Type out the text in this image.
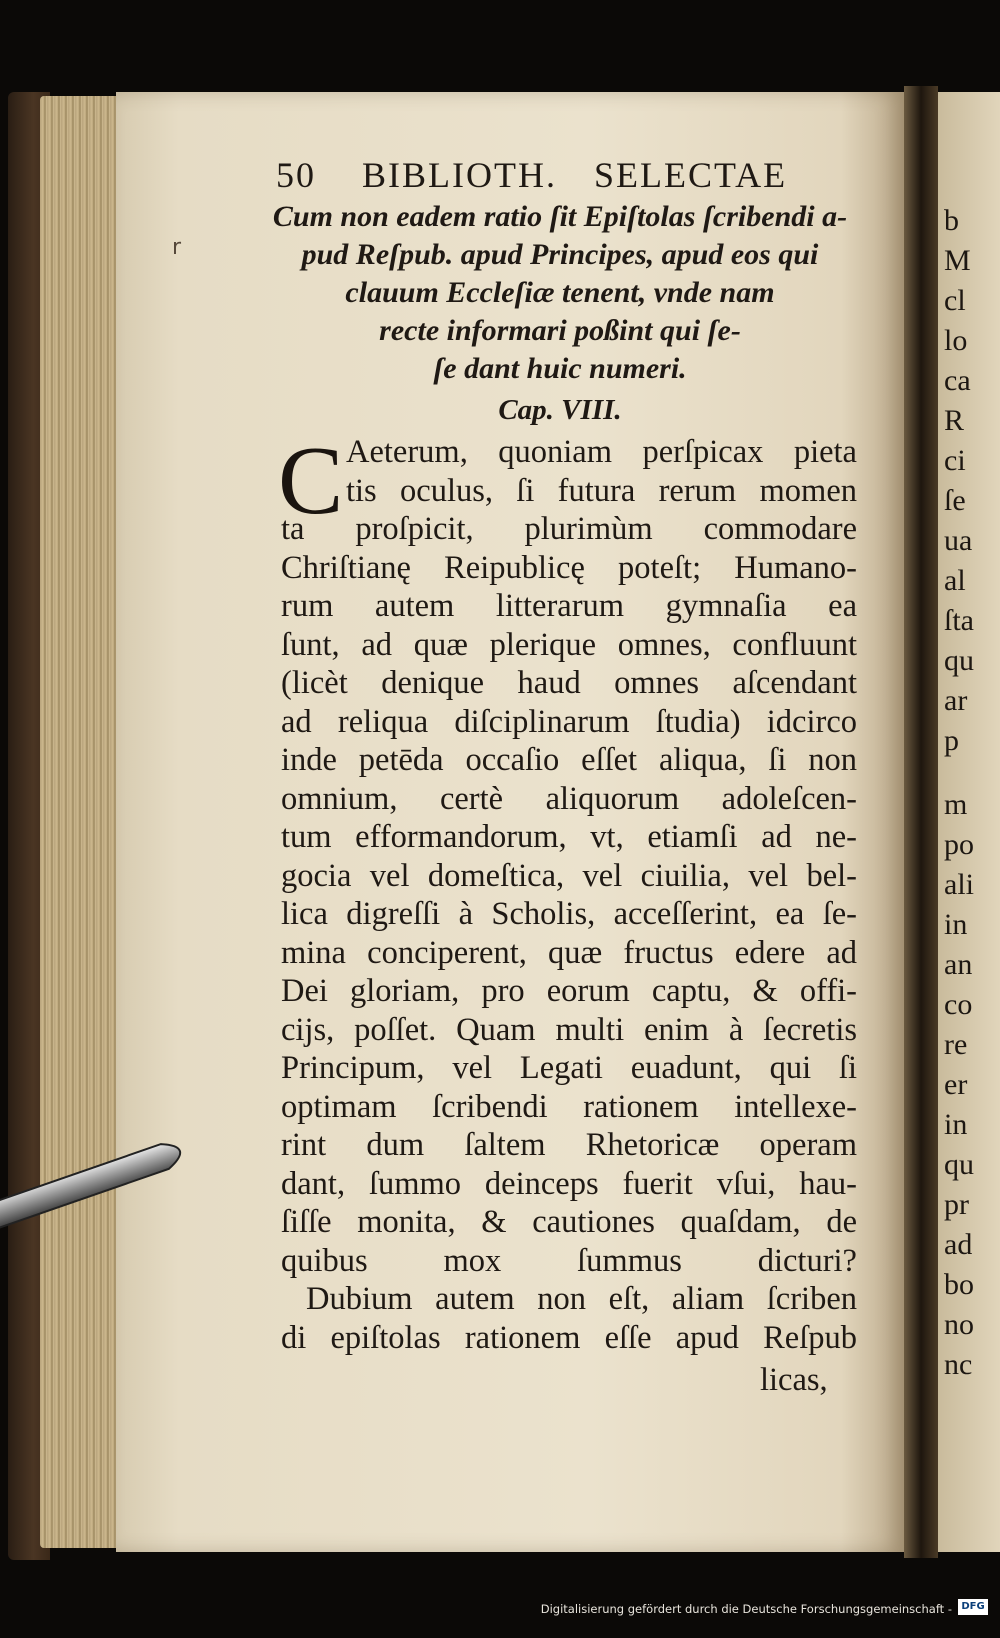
b
M
cl
lo
ca
R
ci
ſe
ua
al
ſta
qu
ar
p
m
po
ali
in
an
co
re
er
in
qu
pr
ad
bo
no
nc
r
50 BIBLIOTH. SELECTAE
Cum non eadem ratio ſit Epiſtolas ſcribendi a-
pud Reſpub. apud Principes, apud eos qui
clauum Eccleſiæ tenent, vnde nam
recte informari poßint qui ſe-
ſe dant huic numeri.
Cap. VIII.
C Aeterum, quoniam perſpicax pieta
tis oculus, ſi futura rerum momen
ta proſpicit, plurimùm commodare
Chriſtianę Reipublicę poteſt; Humano-
rum autem litterarum gymnaſia ea
ſunt, ad quæ plerique omnes, confluunt
(licèt denique haud omnes aſcendant
ad reliqua diſciplinarum ſtudia) idcirco
inde petēda occaſio eſſet aliqua, ſi non
omnium, certè aliquorum adoleſcen-
tum efformandorum, vt, etiamſi ad ne-
gocia vel domeſtica, vel ciuilia, vel bel-
lica digreſſi à Scholis, acceſſerint, ea ſe-
mina conciperent, quæ fructus edere ad
Dei gloriam, pro eorum captu, & offi-
cijs, poſſet. Quam multi enim à ſecretis
Principum, vel Legati euadunt, qui ſi
optimam ſcribendi rationem intellexe-
rint dum ſaltem Rhetoricæ operam
dant, ſummo deinceps fuerit vſui, hau-
ſiſſe monita, & cautiones quaſdam, de
quibus mox ſummus dicturi?
Dubium autem non eſt, aliam ſcriben
di epiſtolas rationem eſſe apud Reſpub
licas,
Digitalisierung gefördert durch die Deutsche Forschungsgemeinschaft - DFG
